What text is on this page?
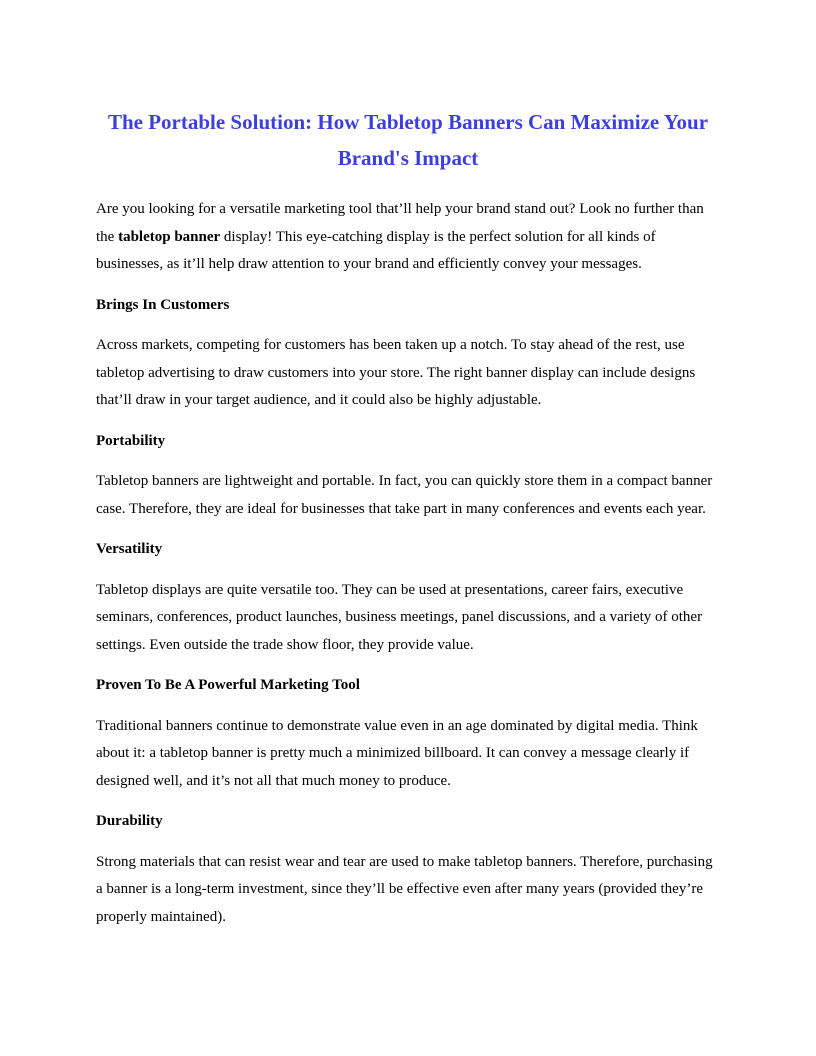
The Portable Solution: How Tabletop Banners Can Maximize Your Brand's Impact

Are you looking for a versatile marketing tool that’ll help your brand stand out? Look no further than the tabletop banner display! This eye-catching display is the perfect solution for all kinds of businesses, as it’ll help draw attention to your brand and efficiently convey your messages.

Brings In Customers

Across markets, competing for customers has been taken up a notch. To stay ahead of the rest, use tabletop advertising to draw customers into your store. The right banner display can include designs that’ll draw in your target audience, and it could also be highly adjustable.

Portability

Tabletop banners are lightweight and portable. In fact, you can quickly store them in a compact banner case. Therefore, they are ideal for businesses that take part in many conferences and events each year.

Versatility

Tabletop displays are quite versatile too. They can be used at presentations, career fairs, executive seminars, conferences, product launches, business meetings, panel discussions, and a variety of other settings. Even outside the trade show floor, they provide value.

Proven To Be A Powerful Marketing Tool

Traditional banners continue to demonstrate value even in an age dominated by digital media. Think about it: a tabletop banner is pretty much a minimized billboard. It can convey a message clearly if designed well, and it’s not all that much money to produce.

Durability

Strong materials that can resist wear and tear are used to make tabletop banners. Therefore, purchasing a banner is a long-term investment, since they’ll be effective even after many years (provided they’re properly maintained).
